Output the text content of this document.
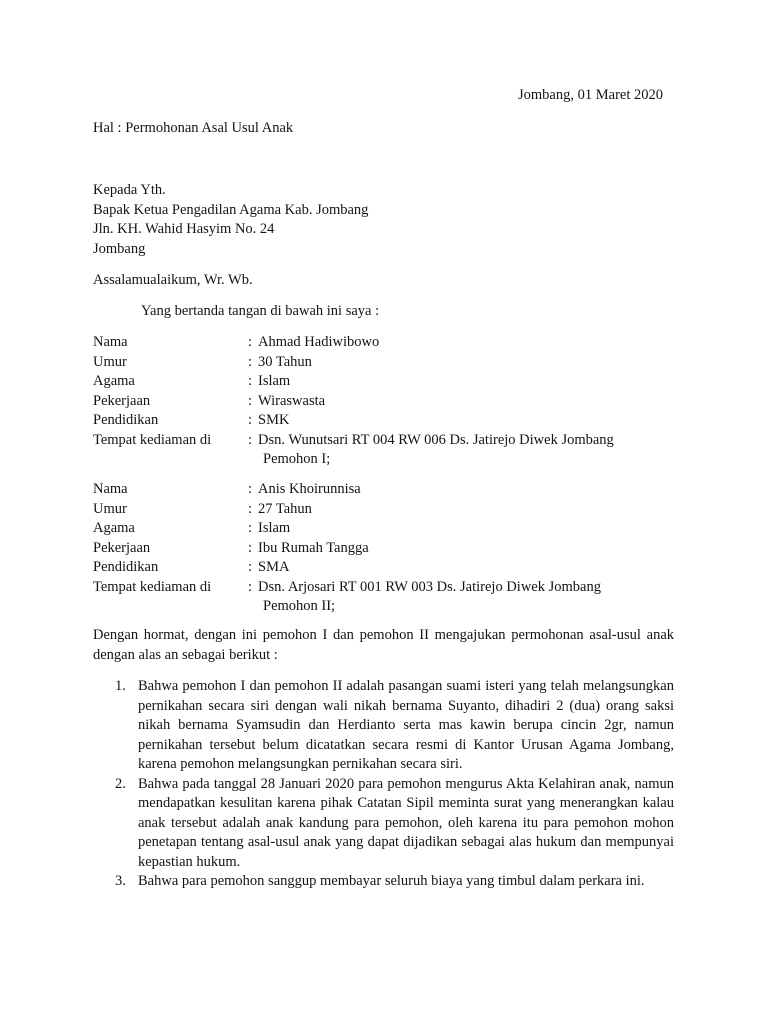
Jombang, 01 Maret 2020
Hal : Permohonan Asal Usul Anak
Kepada Yth.
Bapak Ketua Pengadilan Agama Kab. Jombang
Jln. KH. Wahid Hasyim No. 24
Jombang
Assalamualaikum, Wr. Wb.
Yang bertanda tangan di bawah ini saya :
Nama	: Ahmad Hadiwibowo
Umur	: 30 Tahun
Agama	: Islam
Pekerjaan	: Wiraswasta
Pendidikan	: SMK
Tempat kediaman di	: Dsn. Wunutsari RT 004 RW 006 Ds. Jatirejo Diwek Jombang
Pemohon I;
Nama	: Anis Khoirunnisa
Umur	: 27 Tahun
Agama	: Islam
Pekerjaan	: Ibu Rumah Tangga
Pendidikan	: SMA
Tempat kediaman di	: Dsn. Arjosari RT 001 RW 003 Ds. Jatirejo Diwek Jombang
Pemohon II;
Dengan hormat, dengan ini pemohon I dan pemohon II mengajukan permohonan asal-usul anak dengan alas an sebagai berikut :
1. Bahwa pemohon I dan pemohon II adalah pasangan suami isteri yang telah melangsungkan pernikahan secara siri dengan wali nikah bernama Suyanto, dihadiri 2 (dua) orang saksi nikah bernama Syamsudin dan Herdianto serta mas kawin berupa cincin 2gr, namun pernikahan tersebut belum dicatatkan secara resmi di Kantor Urusan Agama Jombang, karena pemohon melangsungkan pernikahan secara siri.
2. Bahwa pada tanggal 28 Januari 2020 para pemohon mengurus Akta Kelahiran anak, namun mendapatkan kesulitan karena pihak Catatan Sipil meminta surat yang menerangkan kalau anak tersebut adalah anak kandung para pemohon, oleh karena itu para pemohon mohon penetapan tentang asal-usul anak yang dapat dijadikan sebagai alas hukum dan mempunyai kepastian hukum.
3. Bahwa para pemohon sanggup membayar seluruh biaya yang timbul dalam perkara ini.
